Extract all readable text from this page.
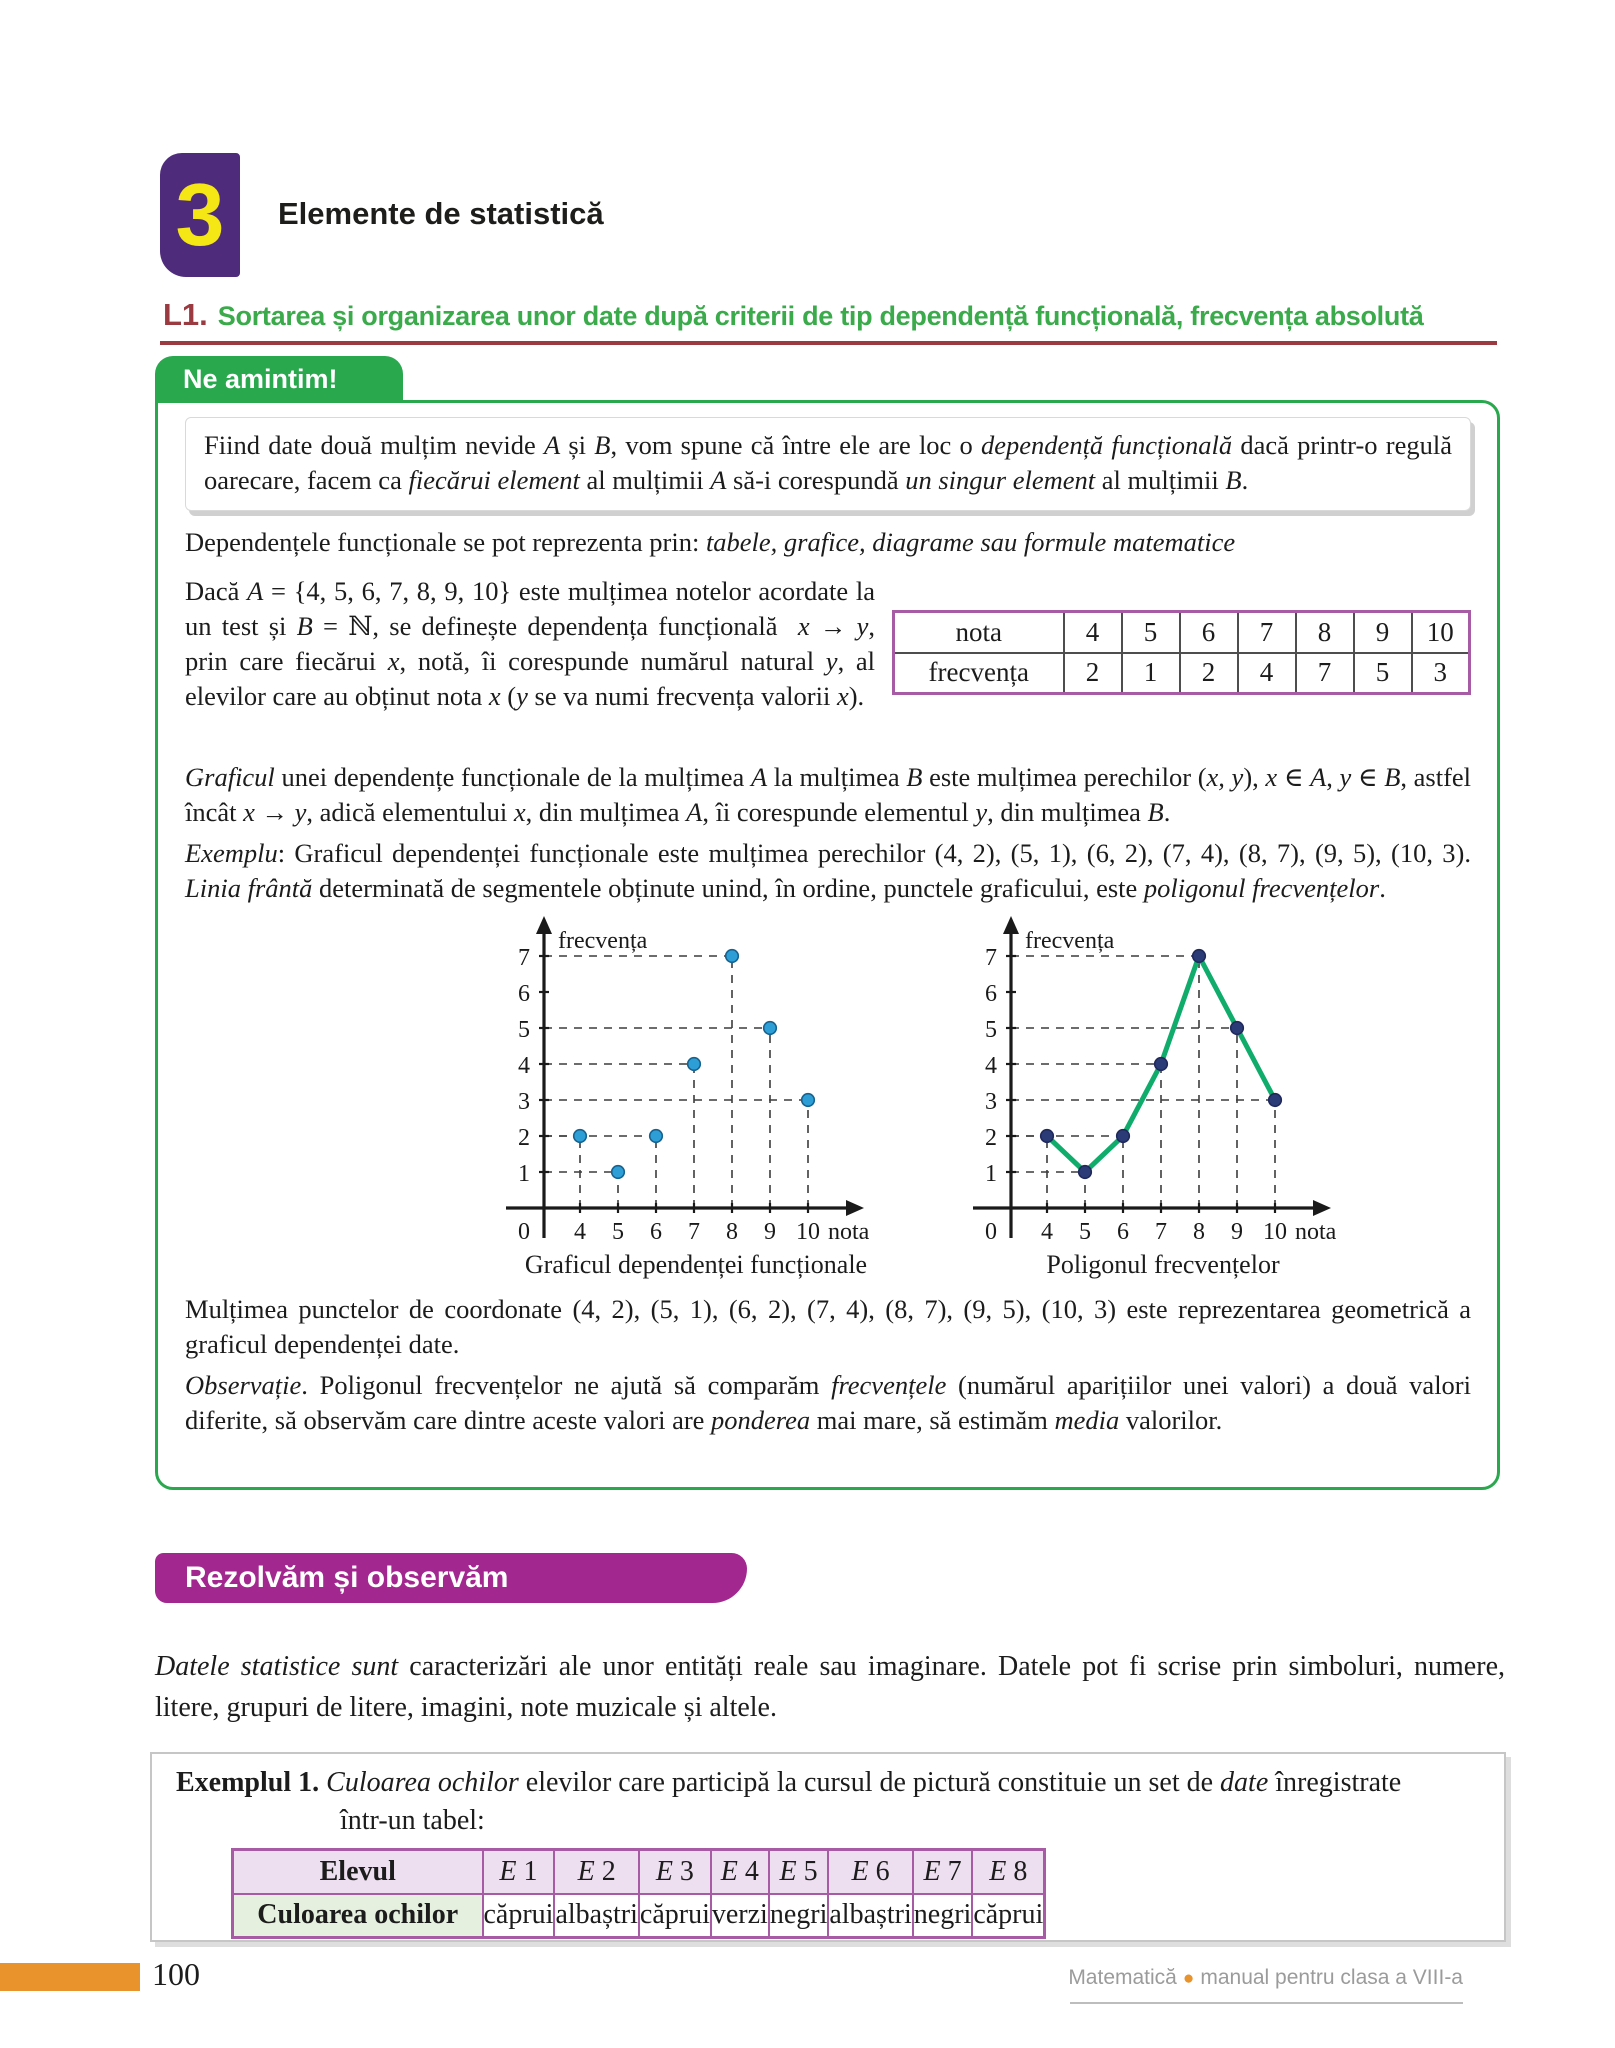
3 Elemente de statistică
L1. Sortarea și organizarea unor date după criterii de tip dependență funcțională, frecvența absolută
Ne amintim!
Fiind date două mulțim nevide A și B, vom spune că între ele are loc o dependență funcțională dacă printr-o regulă oarecare, facem ca fiecărui element al mulțimii A să-i corespundă un singur element al mulțimii B.

Dependențele funcționale se pot reprezenta prin: tabele, grafice, diagrame sau formule matematice

Dacă A = {4, 5, 6, 7, 8, 9, 10} este mulțimea notelor acordate la un test și B = ℕ, se definește dependența funcțională  x → y, prin care fiecărui x, notă, îi corespunde numărul natural y, al elevilor care au obținut nota x (y se va numi frecvența valorii x).

nota	4	5	6	7	8	9	10
frecvența	2	1	2	4	7	5	3

Graficul unei dependențe funcționale de la mulțimea A la mulțimea B este mulțimea perechilor (x, y), x ∈ A, y ∈ B, astfel încât x → y, adică elementului x, din mulțimea A, îi corespunde elementul y, din mulțimea B.

Exemplu: Graficul dependenței funcționale este mulțimea perechilor (4, 2), (5, 1), (6, 2), (7, 4), (8, 7), (9, 5), (10, 3). Linia frântă determinată de segmentele obținute unind, în ordine, punctele graficului, este poligonul frecvențelor.

4 5 6 7 8 9 10
1
2
3
4
5
6
7
0
frecvența
nota
Graficul dependenței funcționale
4 5 6 7 8 9 10
1
2
3
4
5
6
7
0
frecvența
nota
Poligonul frecvențelor

Mulțimea punctelor de coordonate (4, 2), (5, 1), (6, 2), (7, 4), (8, 7), (9, 5), (10, 3) este reprezentarea geometrică a graficul dependenței date.

Observație. Poligonul frecvențelor ne ajută să comparăm frecvențele (numărul aparițiilor unei valori) a două valori diferite, să observăm care dintre aceste valori are ponderea mai mare, să estimăm media valorilor.

Rezolvăm și observăm

Datele statistice sunt caracterizări ale unor entități reale sau imaginare. Datele pot fi scrise prin simboluri, numere, litere, grupuri de litere, imagini, note muzicale și altele.

Exemplul 1. Culoarea ochilor elevilor care participă la cursul de pictură constituie un set de date înregistrate
într-un tabel:

Elevul	E 1	E 2	E 3	E 4	E 5	E 6	E 7	E 8
Culoarea ochilor	căprui	albaștri	căprui	verzi	negri	albaștri	negri	căprui
100	Matematică ● manual pentru clasa a VIII-a
